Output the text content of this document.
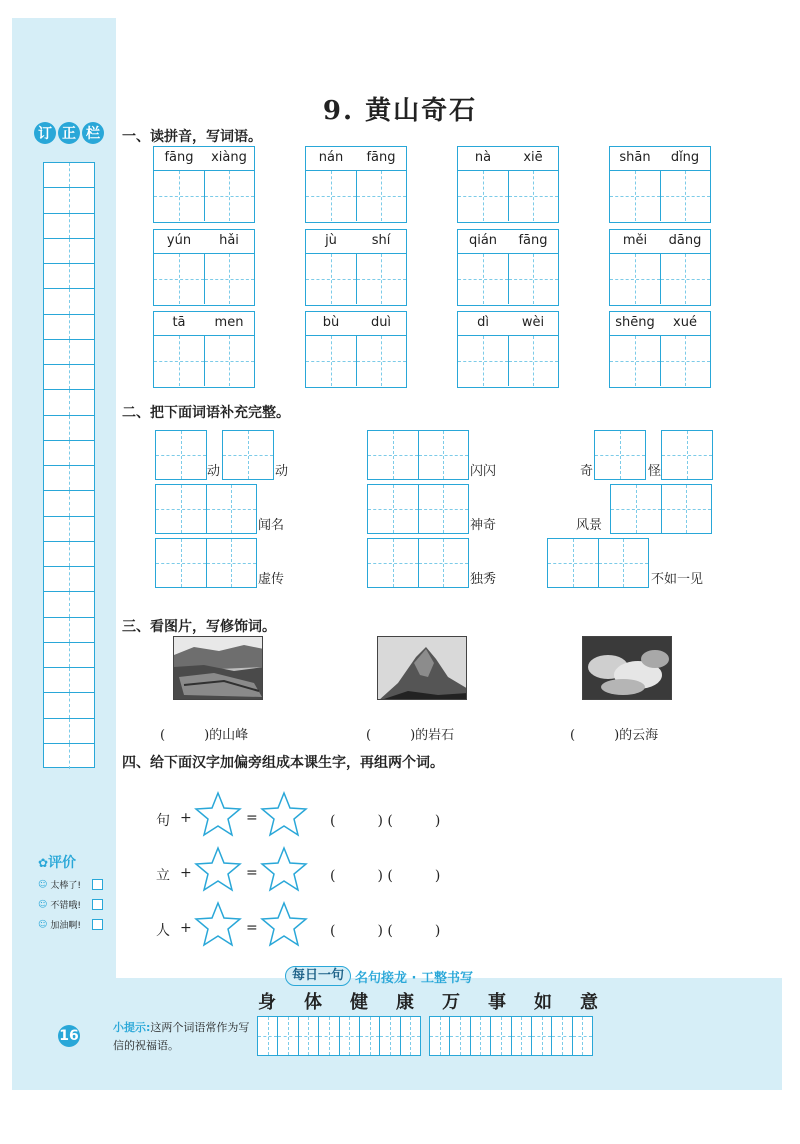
订 正 栏
9. 黄山奇石
一、读拼音，写词语。
fāng	xiàng	nán	fāng	nà	xiē	shān	dǐng
yún	hǎi	jù	shí	qián	fāng	měi	dāng
tā	men	bù	duì	dì	wèi	shēng	xué
二、把下面词语补充完整。
动	动	闪闪	奇	怪
闻名	神奇	风景
虚传	独秀	不如一见
三、看图片，写修饰词。
(　　　)的山峰	(　　　)的岩石	(　　　)的云海
四、给下面汉字加偏旁组成本课生字，再组两个词。
句 +	=	(　　　) (　　　)
立 +	=	(　　　) (　　　)
人 +	=	(　　　) (　　　)
✿评价
☺ 太棒了!
☺ 不错哦!
☺ 加油啊!
每日一句 名句接龙 · 工整书写
身 体 健 康 万 事 如 意
小提示:这两个词语常作为写信的祝福语。
16
